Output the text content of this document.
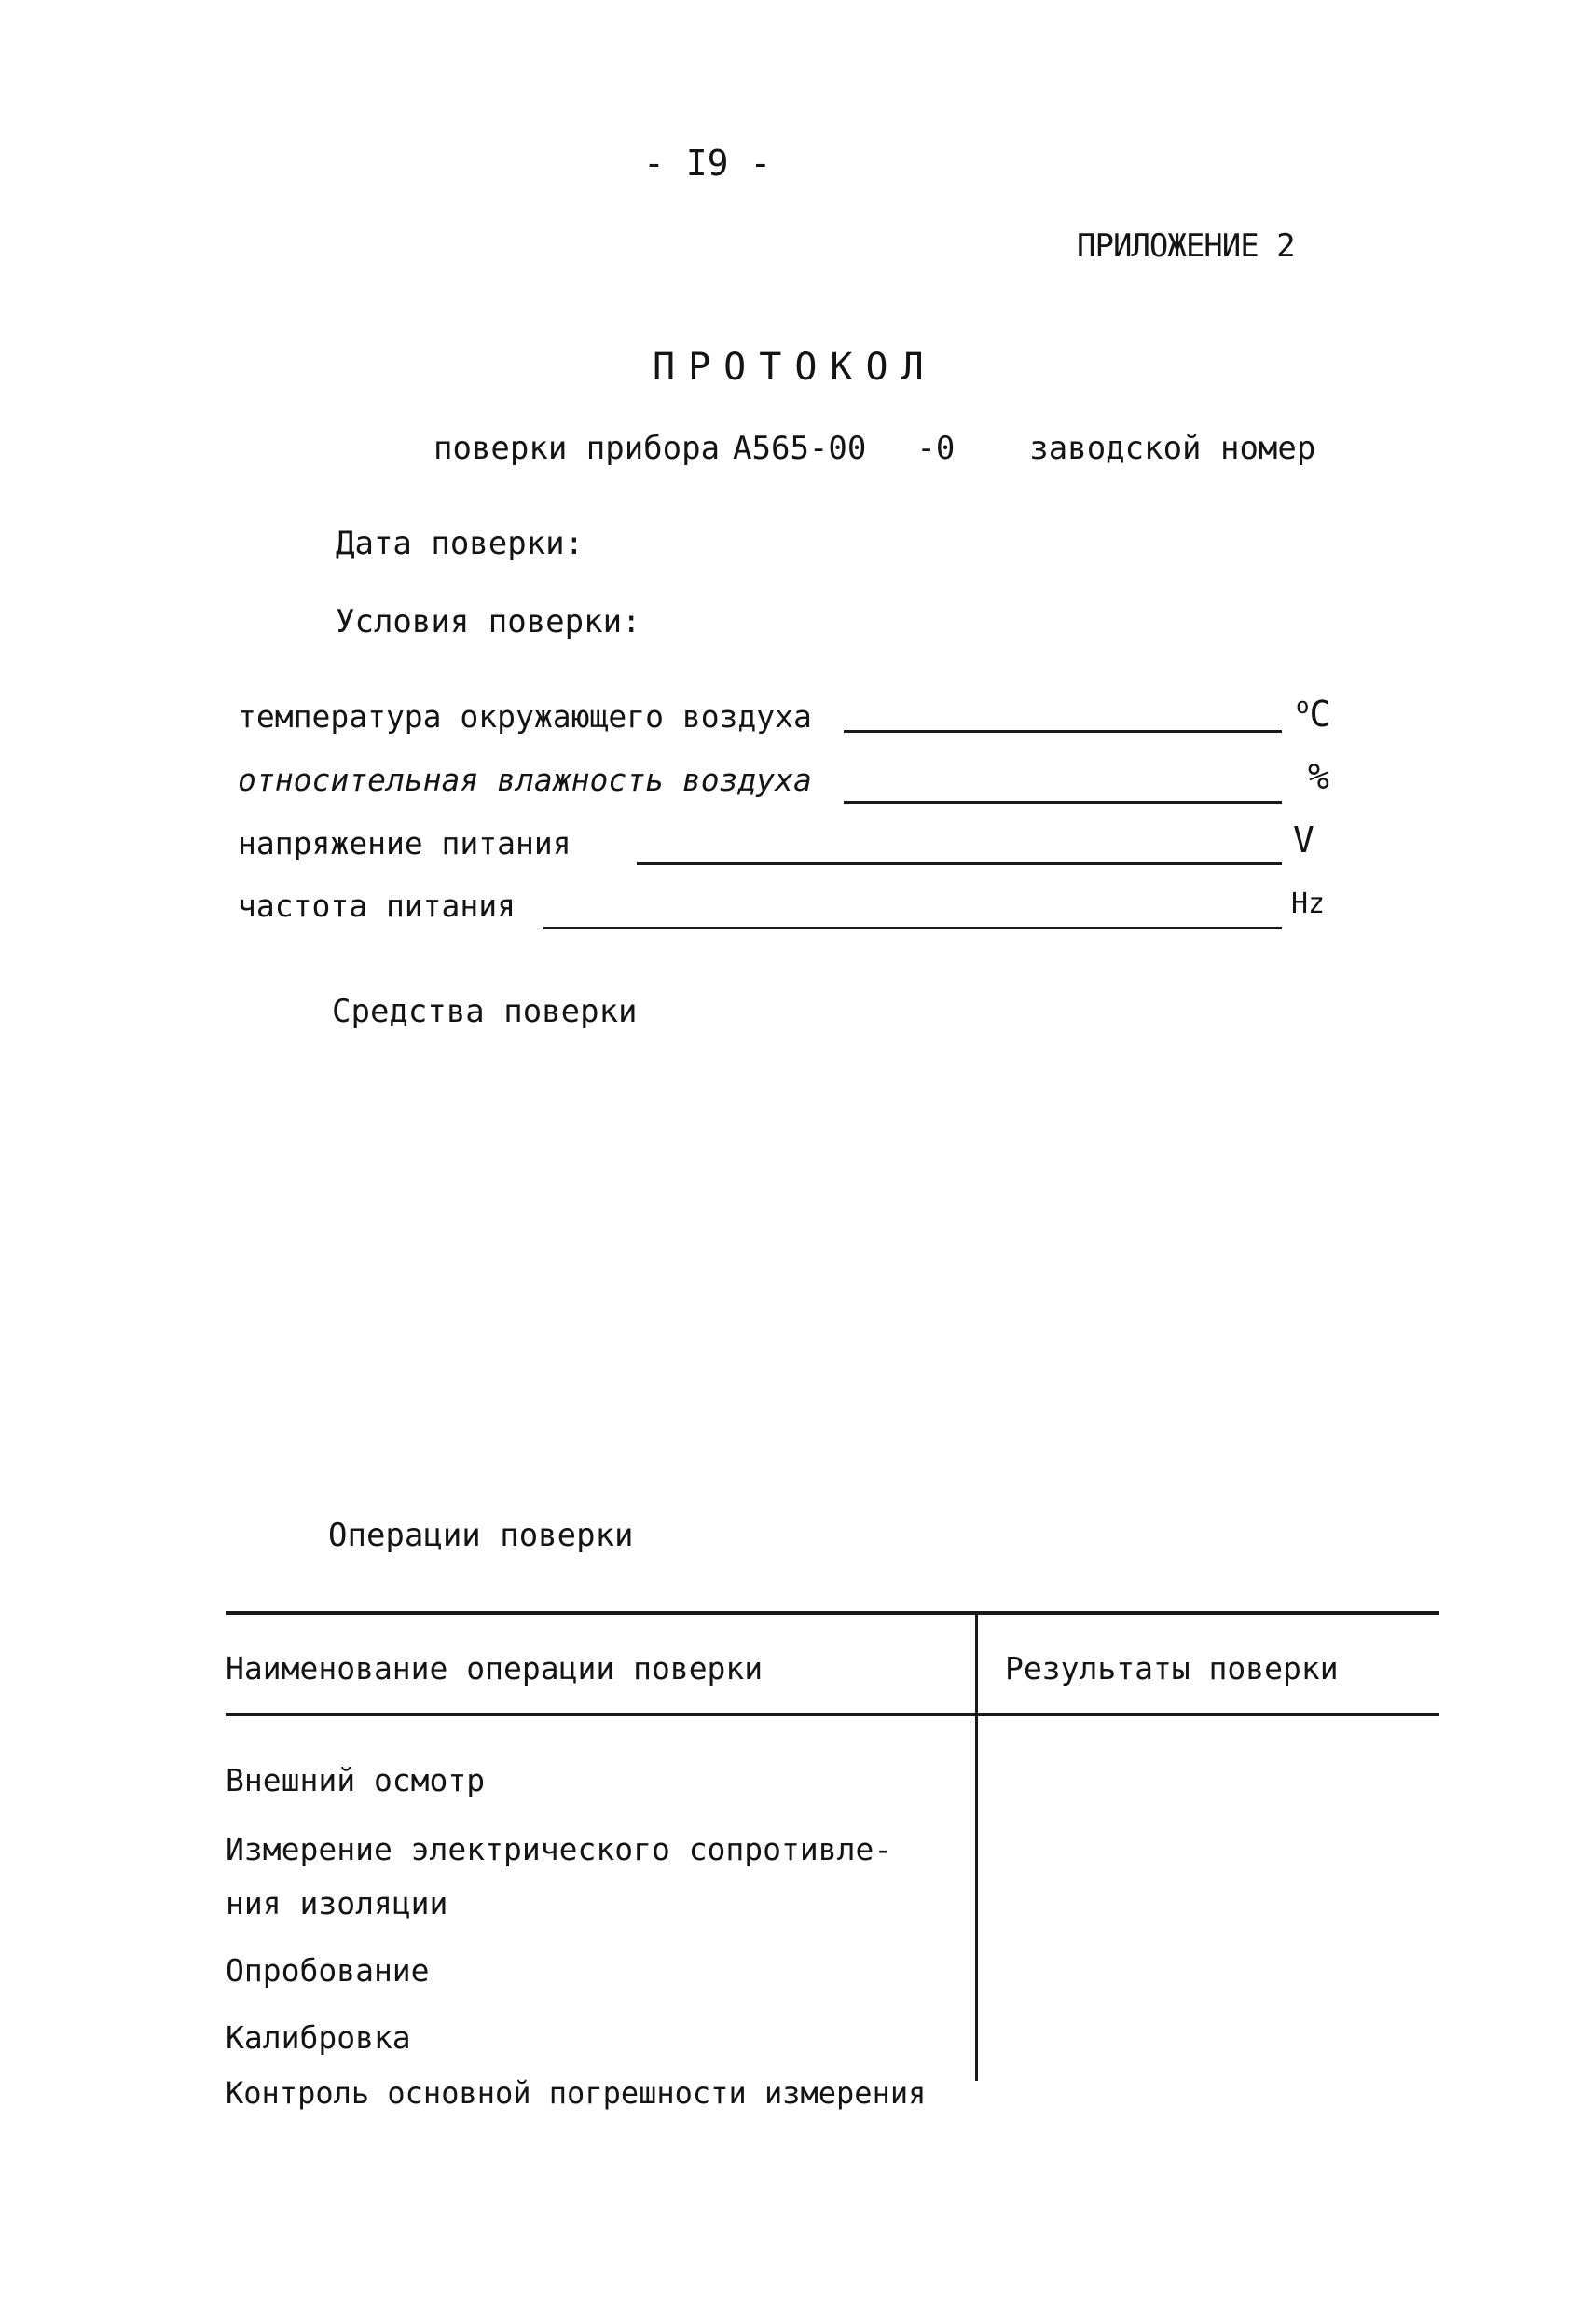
- I9 -
ПРИЛОЖЕНИЕ 2
ПРОТОКОЛ
поверки прибора А565-00 -0 заводской номер
Дата поверки:
Условия поверки:
температура окружающего воздуха	$^о$С
относительная влажность воздуха	%
напряжение питания	V
частота питания	Hz
Средства поверки
Операции поверки
Наименование операции поверки	Результаты поверки
Внешний осмотр
Измерение электрического сопротивле-
ния изоляции
Опробование
Калибровка
Контроль основной погрешности измерения
